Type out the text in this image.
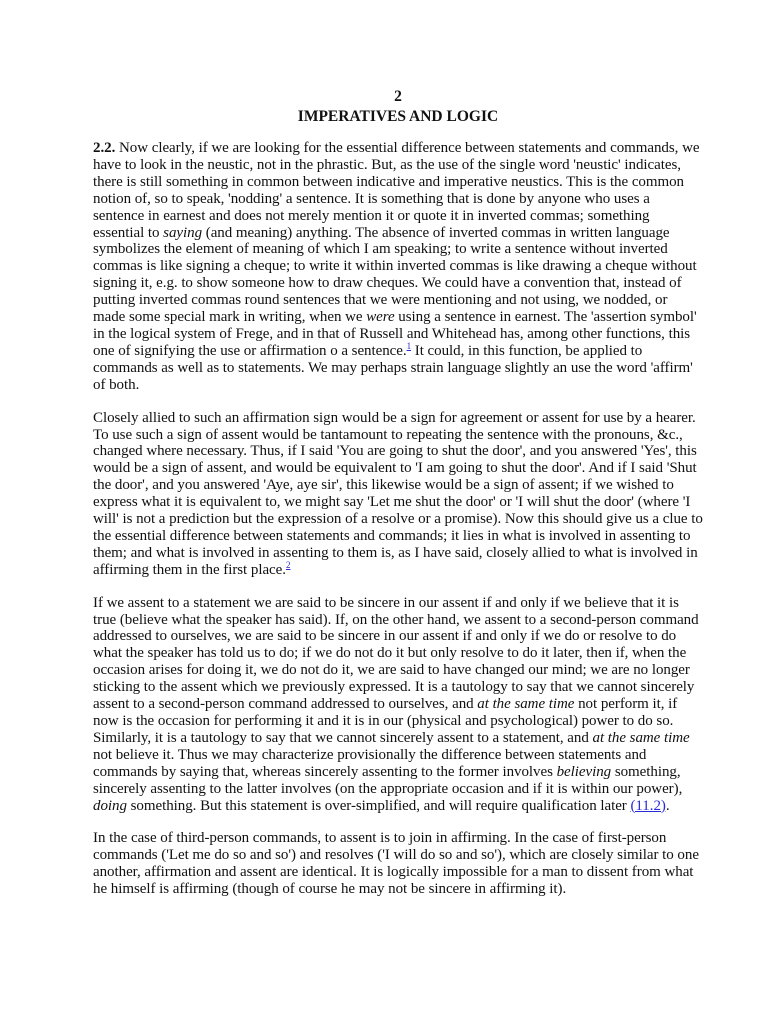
2
IMPERATIVES AND LOGIC

2.2. Now clearly, if we are looking for the essential difference between statements and commands, we have to look in the neustic, not in the phrastic. But, as the use of the single word 'neustic' indicates, there is still something in common between indicative and imperative neustics. This is the common notion of, so to speak, 'nodding' a sentence. It is something that is done by anyone who uses a sentence in earnest and does not merely mention it or quote it in inverted commas; something essential to saying (and meaning) anything. The absence of inverted commas in written language symbolizes the element of meaning of which I am speaking; to write a sentence without inverted commas is like signing a cheque; to write it within inverted commas is like drawing a cheque without signing it, e.g. to show someone how to draw cheques. We could have a convention that, instead of putting inverted commas round sentences that we were mentioning and not using, we nodded, or made some special mark in writing, when we were using a sentence in earnest. The 'assertion symbol' in the logical system of Frege, and in that of Russell and Whitehead has, among other functions, this one of signifying the use or affirmation o a sentence.$^1$ It could, in this function, be applied to commands as well as to statements. We may perhaps strain language slightly an use the word 'affirm' of both.

Closely allied to such an affirmation sign would be a sign for agreement or assent for use by a hearer. To use such a sign of assent would be tantamount to repeating the sentence with the pronouns, &c., changed where necessary. Thus, if I said 'You are going to shut the door', and you answered 'Yes', this would be a sign of assent, and would be equivalent to 'I am going to shut the door'. And if I said 'Shut the door', and you answered 'Aye, aye sir', this likewise would be a sign of assent; if we wished to express what it is equivalent to, we might say 'Let me shut the door' or 'I will shut the door' (where 'I will' is not a prediction but the expression of a resolve or a promise). Now this should give us a clue to the essential difference between statements and commands; it lies in what is involved in assenting to them; and what is involved in assenting to them is, as I have said, closely allied to what is involved in affirming them in the first place.$^2$

If we assent to a statement we are said to be sincere in our assent if and only if we believe that it is true (believe what the speaker has said). If, on the other hand, we assent to a second-person command addressed to ourselves, we are said to be sincere in our assent if and only if we do or resolve to do what the speaker has told us to do; if we do not do it but only resolve to do it later, then if, when the occasion arises for doing it, we do not do it, we are said to have changed our mind; we are no longer sticking to the assent which we previously expressed. It is a tautology to say that we cannot sincerely assent to a second-person command addressed to ourselves, and at the same time not perform it, if now is the occasion for performing it and it is in our (physical and psychological) power to do so. Similarly, it is a tautology to say that we cannot sincerely assent to a statement, and at the same time not believe it. Thus we may characterize provisionally the difference between statements and commands by saying that, whereas sincerely assenting to the former involves believing something, sincerely assenting to the latter involves (on the appropriate occasion and if it is within our power), doing something. But this statement is over-simplified, and will require qualification later (11.2).

In the case of third-person commands, to assent is to join in affirming. In the case of first-person commands ('Let me do so and so') and resolves ('I will do so and so'), which are closely similar to one another, affirmation and assent are identical. It is logically impossible for a man to dissent from what he himself is affirming (though of course he may not be sincere in affirming it).
